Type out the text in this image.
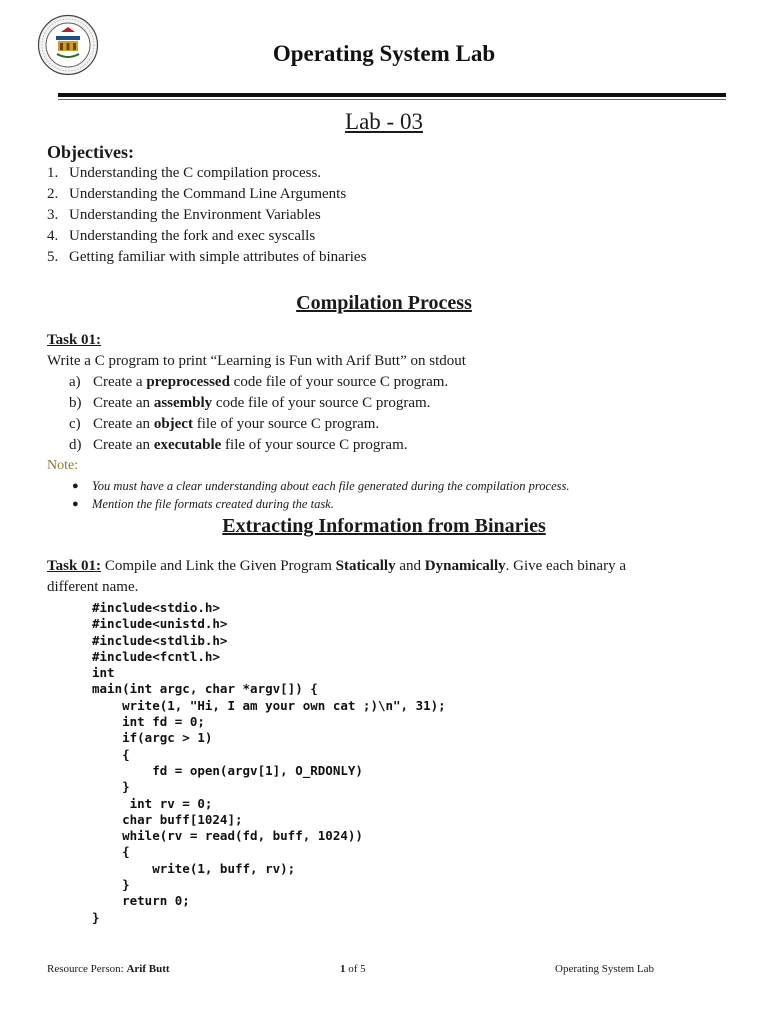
Operating System Lab
Lab - 03
Objectives:
1. Understanding the C compilation process.
2. Understanding the Command Line Arguments
3. Understanding the Environment Variables
4. Understanding the fork and exec syscalls
5. Getting familiar with simple attributes of binaries
Compilation Process
Task 01:
Write a C program to print “Learning is Fun with Arif Butt” on stdout
a) Create a preprocessed code file of your source C program.
b) Create an assembly code file of your source C program.
c) Create an object file of your source C program.
d) Create an executable file of your source C program.
Note:
● You must have a clear understanding about each file generated during the compilation process.
● Mention the file formats created during the task.
Extracting Information from Binaries
Task 01: Compile and Link the Given Program Statically and Dynamically. Give each binary a
different name.
#include<stdio.h>
#include<unistd.h>
#include<stdlib.h>
#include<fcntl.h>
int
main(int argc, char *argv[]) {
write(1, "Hi, I am your own cat ;)\n", 31);
int fd = 0;
if(argc > 1)
{
fd = open(argv[1], O_RDONLY)
}
int rv = 0;
char buff[1024];
while(rv = read(fd, buff, 1024))
{
write(1, buff, rv);
}
return 0;
}
Resource Person: Arif Butt	1 of 5	Operating System Lab
